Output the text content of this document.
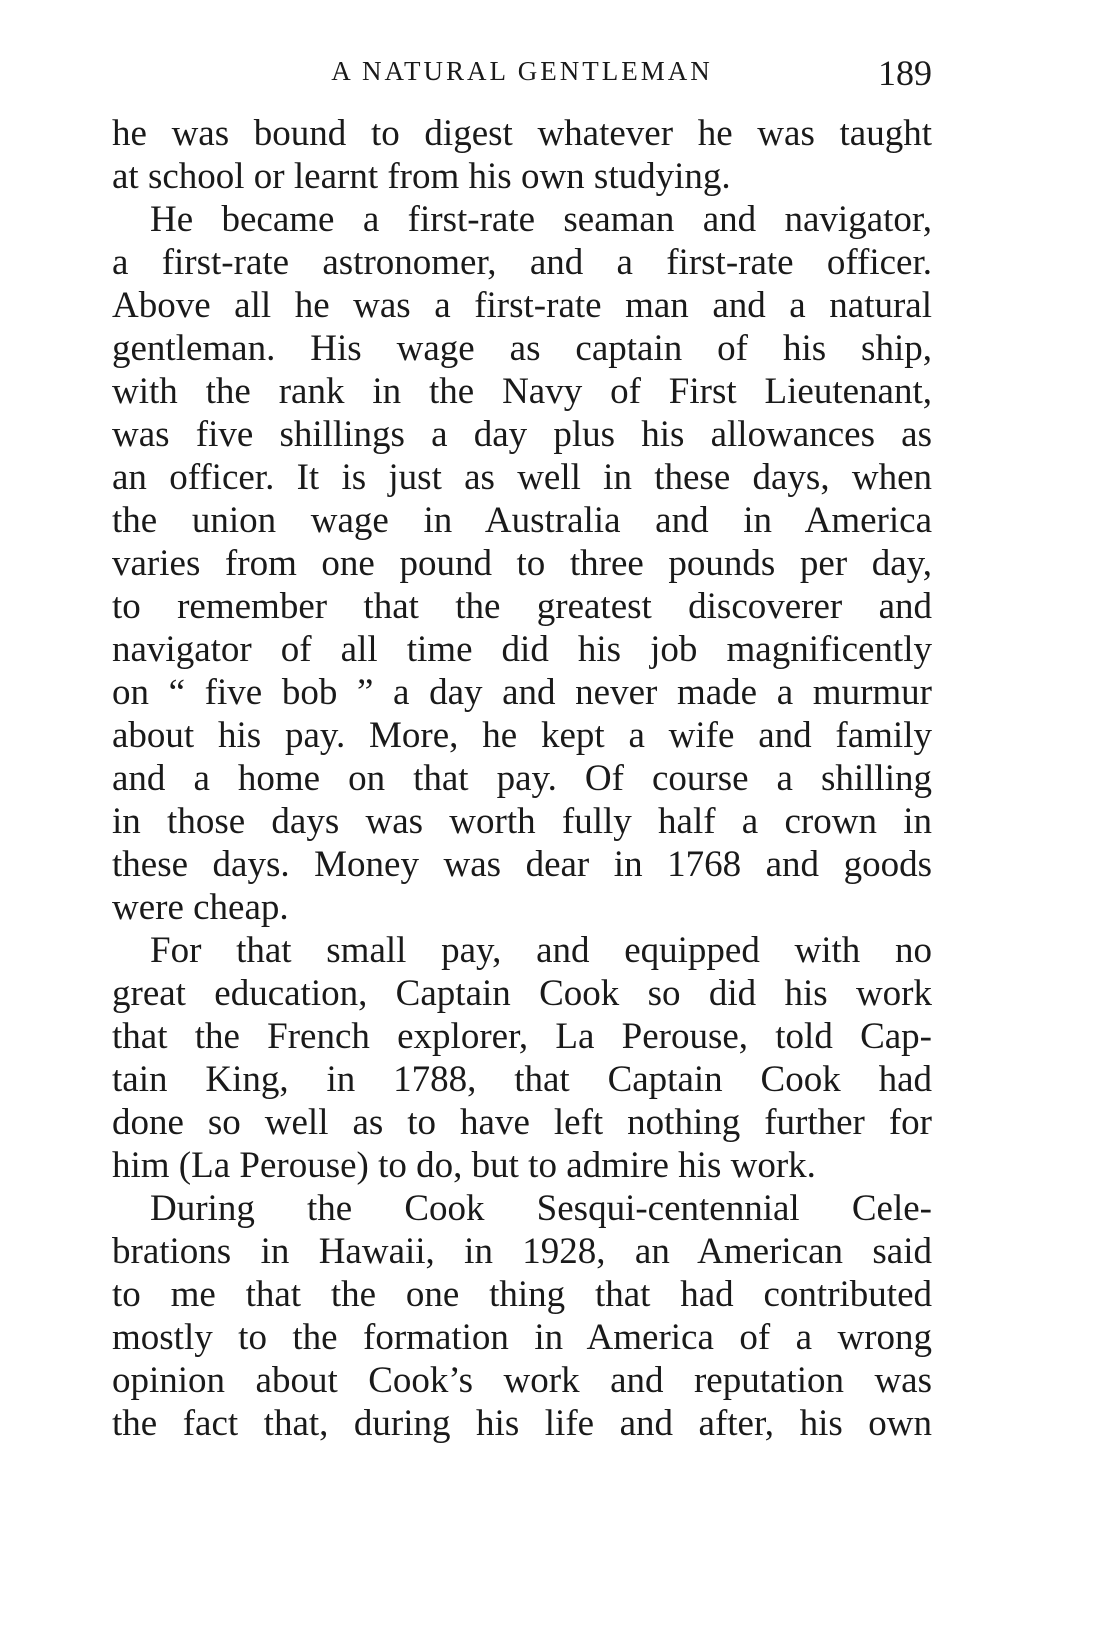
A NATURAL GENTLEMAN	189
he was bound to digest whatever he was taught
at school or learnt from his own studying.
He became a first-rate seaman and navigator,
a first-rate astronomer, and a first-rate officer.
Above all he was a first-rate man and a natural
gentleman. His wage as captain of his ship,
with the rank in the Navy of First Lieutenant,
was five shillings a day plus his allowances as
an officer. It is just as well in these days, when
the union wage in Australia and in America
varies from one pound to three pounds per day,
to remember that the greatest discoverer and
navigator of all time did his job magnificently
on “ five bob ” a day and never made a murmur
about his pay. More, he kept a wife and family
and a home on that pay. Of course a shilling
in those days was worth fully half a crown in
these days. Money was dear in 1768 and goods
were cheap.
For that small pay, and equipped with no
great education, Captain Cook so did his work
that the French explorer, La Perouse, told Cap-
tain King, in 1788, that Captain Cook had
done so well as to have left nothing further for
him (La Perouse) to do, but to admire his work.
During the Cook Sesqui-centennial Cele-
brations in Hawaii, in 1928, an American said
to me that the one thing that had contributed
mostly to the formation in America of a wrong
opinion about Cook’s work and reputation was
the fact that, during his life and after, his own
